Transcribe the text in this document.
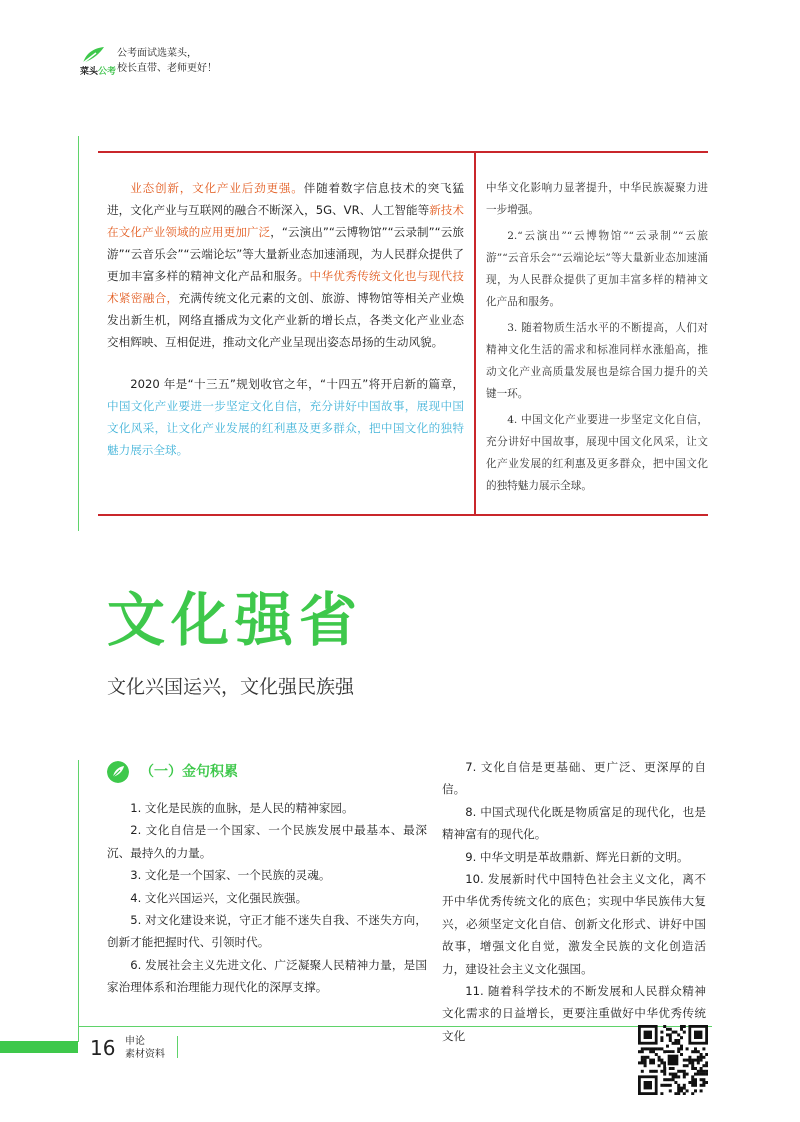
菜头公考
公考面试选菜头，
校长直带、老师更好！

业态创新，文化产业后劲更强。伴随着数字信息技术的突飞猛进，文化产业与互联网的融合不断深入，5G、VR、人工智能等新技术在文化产业领域的应用更加广泛，“云演出”“云博物馆”“云录制”“云旅游”“云音乐会”“云端论坛”等大量新业态加速涌现，为人民群众提供了更加丰富多样的精神文化产品和服务。中华优秀传统文化也与现代技术紧密融合，充满传统文化元素的文创、旅游、博物馆等相关产业焕发出新生机，网络直播成为文化产业新的增长点，各类文化产业业态交相辉映、互相促进，推动文化产业呈现出姿态昂扬的生动风貌。

2020 年是“十三五”规划收官之年，“十四五”将开启新的篇章，中国文化产业要进一步坚定文化自信，充分讲好中国故事，展现中国文化风采，让文化产业发展的红利惠及更多群众，把中国文化的独特魅力展示全球。

中华文化影响力显著提升，中华民族凝聚力进一步增强。

2.“云演出”“云博物馆”“云录制”“云旅游”“云音乐会”“云端论坛”等大量新业态加速涌现，为人民群众提供了更加丰富多样的精神文化产品和服务。

3. 随着物质生活水平的不断提高，人们对精神文化生活的需求和标准同样水涨船高，推动文化产业高质量发展也是综合国力提升的关键一环。

4. 中国文化产业要进一步坚定文化自信，充分讲好中国故事，展现中国文化风采，让文化产业发展的红利惠及更多群众，把中国文化的独特魅力展示全球。

文化强省
文化兴国运兴，文化强民族强
（一）金句积累

1. 文化是民族的血脉，是人民的精神家园。

2. 文化自信是一个国家、一个民族发展中最基本、最深沉、最持久的力量。

3. 文化是一个国家、一个民族的灵魂。

4. 文化兴国运兴，文化强民族强。

5. 对文化建设来说，守正才能不迷失自我、不迷失方向，创新才能把握时代、引领时代。

6. 发展社会主义先进文化、广泛凝聚人民精神力量，是国家治理体系和治理能力现代化的深厚支撑。

7. 文化自信是更基础、更广泛、更深厚的自信。

8. 中国式现代化既是物质富足的现代化，也是精神富有的现代化。

9. 中华文明是革故鼎新、辉光日新的文明。

10. 发展新时代中国特色社会主义文化，离不开中华优秀传统文化的底色；实现中华民族伟大复兴，必须坚定文化自信、创新文化形式、讲好中国故事，增强文化自觉，激发全民族的文化创造活力，建设社会主义文化强国。

11. 随着科学技术的不断发展和人民群众精神文化需求的日益增长，更要注重做好中华优秀传统文化

16 申论
素材资料
